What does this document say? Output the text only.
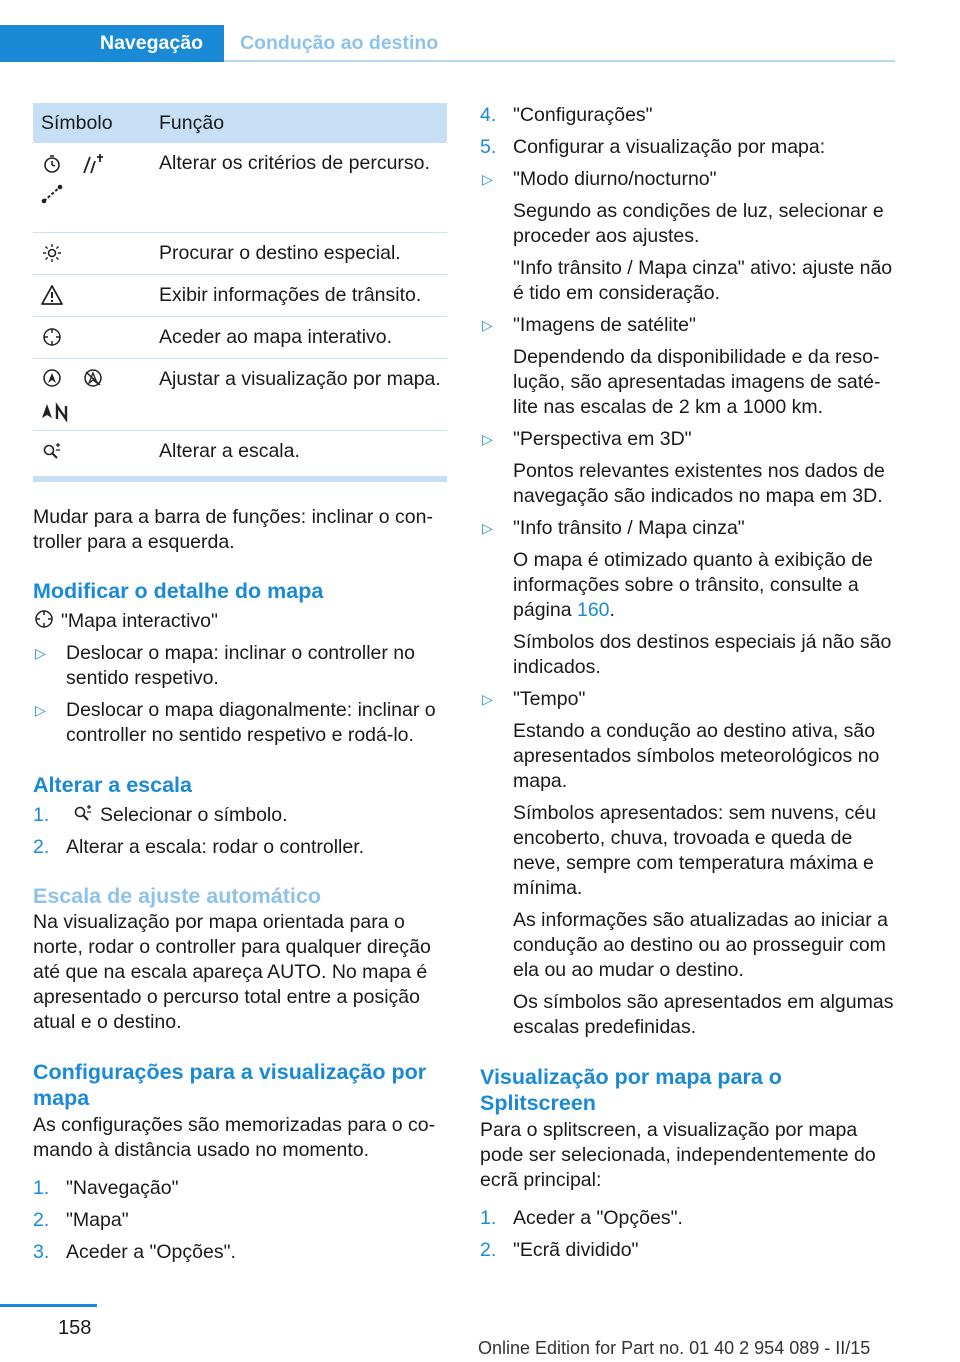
Navegação	Condução ao destino
Símbolo	Função

	Alterar os critérios de percurso.

	Procurar o destino especial.

	Exibir informações de trânsito.

	Aceder ao mapa interativo.

	Ajustar a visualização por mapa.

	Alterar a escala.

Mudar para a barra de funções: inclinar o controller para a esquerda.

Modificar o detalhe do mapa

"Mapa interactivo"

▷ Deslocar o mapa: inclinar o controller no sentido respetivo.
▷ Deslocar o mapa diagonalmente: inclinar o controller no sentido respetivo e rodá-lo.
Alterar a escala
1.	Selecionar o símbolo.
2. Alterar a escala: rodar o controller.
Escala de ajuste automático

Na visualização por mapa orientada para o norte, rodar o controller para qualquer direção até que na escala apareça AUTO. No mapa é apresentado o percurso total entre a posição atual e o destino.

Configurações para a visualização por mapa

As configurações são memorizadas para o comando à distância usado no momento.

1. "Navegação"
2. "Mapa"
3. Aceder a "Opções".
4. "Configurações"
5. Configurar a visualização por mapa:
▷ "Modo diurno/nocturno"

Segundo as condições de luz, selecionar e proceder aos ajustes.

"Info trânsito / Mapa cinza" ativo: ajuste não é tido em consideração.

▷ "Imagens de satélite"

Dependendo da disponibilidade e da resolução, são apresentadas imagens de satélite nas escalas de 2 km a 1000 km.

▷ "Perspectiva em 3D"

Pontos relevantes existentes nos dados de navegação são indicados no mapa em 3D.

▷ "Info trânsito / Mapa cinza"

O mapa é otimizado quanto à exibição de informações sobre o trânsito, consulte a página 160.

Símbolos dos destinos especiais já não são indicados.

▷ "Tempo"

Estando a condução ao destino ativa, são apresentados símbolos meteorológicos no mapa.

Símbolos apresentados: sem nuvens, céu encoberto, chuva, trovoada e queda de neve, sempre com temperatura máxima e mínima.

As informações são atualizadas ao iniciar a condução ao destino ou ao prosseguir com ela ou ao mudar o destino.

Os símbolos são apresentados em algumas escalas predefinidas.

Visualização por mapa para o Splitscreen

Para o splitscreen, a visualização por mapa pode ser selecionada, independentemente do ecrã principal:

1. Aceder a "Opções".
2. "Ecrã dividido"
158
Online Edition for Part no. 01 40 2 954 089 - II/15
